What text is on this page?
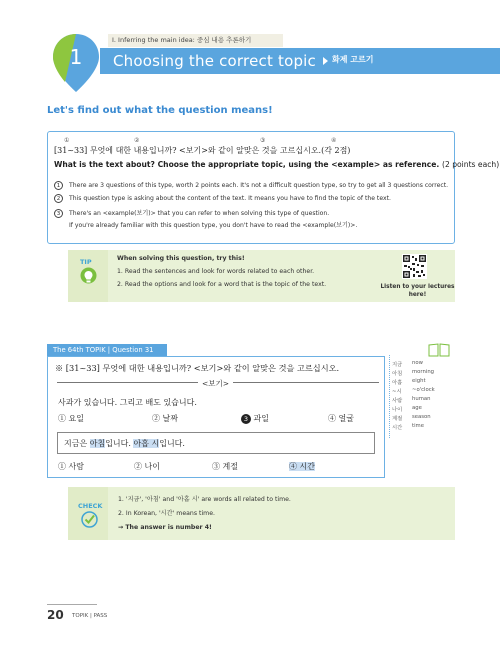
1
Ⅰ. Inferring the main idea: 중심 내용 추론하기
Choosing the correct topic 화제 고르기
Let's find out what the question means!
①	②	③	④
[31~33] 무엇에 대한 내용입니까? <보기>와 같이 알맞은 것을 고르십시오.(각 2점)
What is the text about? Choose the appropriate topic, using the <example> as reference. (2 points each)
1 There are 3 questions of this type, worth 2 points each. It's not a difficult question type, so try to get all 3 questions correct.
2 This question type is asking about the content of the text. It means you have to find the topic of the text.
3 There's an <example(보기)> that you can refer to when solving this type of question.
If you're already familiar with this question type, you don't have to read the <example(보기)>.
TIP	When solving this question, try this!
1. Read the sentences and look for words related to each other.
2. Read the options and look for a word that is the topic of the text.	Listen to your lectures here!
The 64th TOPIK | Question 31
※ [31~33] 무엇에 대한 내용입니까? <보기>와 같이 알맞은 것을 고르십시오.
<보기>
사과가 있습니다. 그리고 배도 있습니다.
① 요일	② 날짜	3 과일	④ 얼굴
지금은 아침입니다. 아홉 시입니다.
① 사람	② 나이	③ 계절	④ 시간
지금 now
아침 morning
아홉 eight
~시 ~o'clock
사람 human
나이 age
계절 season
시간 time
CHECK
1. '지금', '아침' and '아홉 시' are words all related to time.
2. In Korean, '시간' means time.
→ The answer is number 4!
20 TOPIK | PASS
